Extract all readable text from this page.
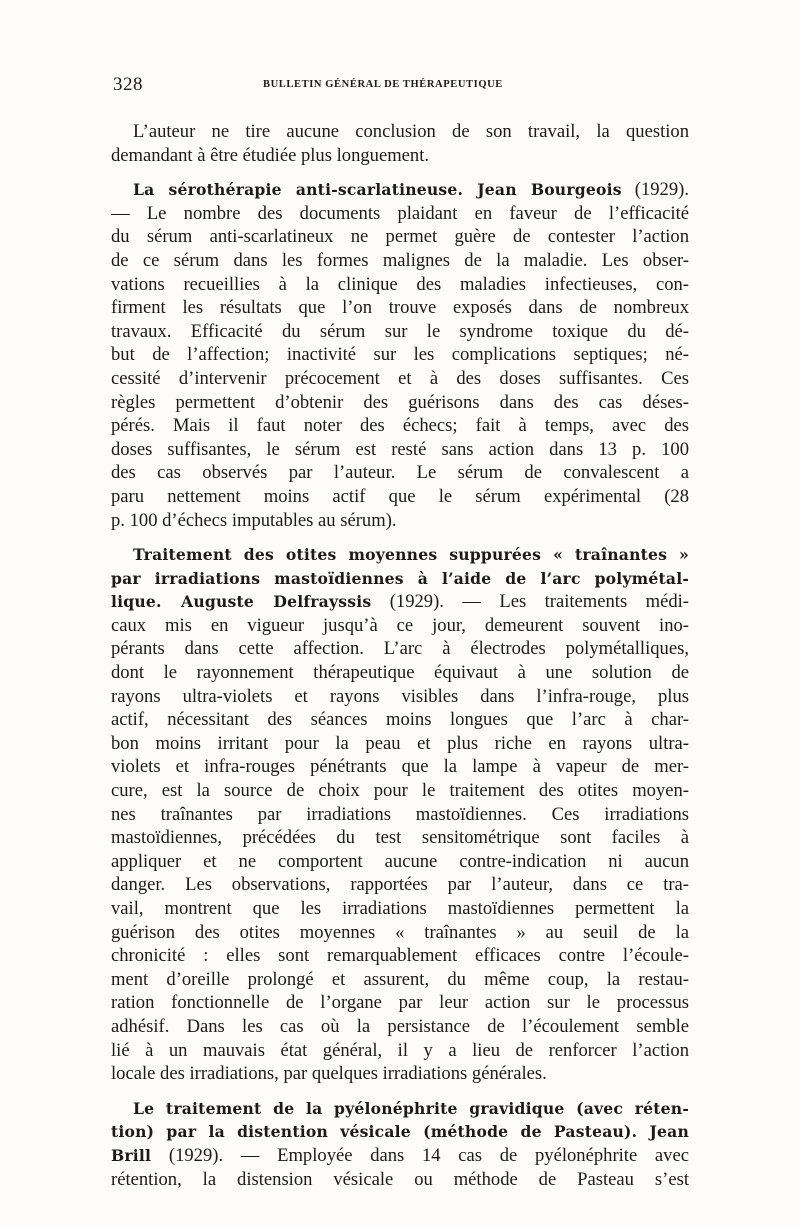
328	BULLETIN GÉNÉRAL DE THÉRAPEUTIQUE
L’auteur ne tire aucune conclusion de son travail, la question
demandant à être étudiée plus longuement.
La sérothérapie anti-scarlatineuse. Jean Bourgeois (1929).
— Le nombre des documents plaidant en faveur de l’efficacité
du sérum anti-scarlatineux ne permet guère de contester l’action
de ce sérum dans les formes malignes de la maladie. Les obser-
vations recueillies à la clinique des maladies infectieuses, con-
firment les résultats que l’on trouve exposés dans de nombreux
travaux. Efficacité du sérum sur le syndrome toxique du dé-
but de l’affection; inactivité sur les complications septiques; né-
cessité d’intervenir précocement et à des doses suffisantes. Ces
règles permettent d’obtenir des guérisons dans des cas déses-
pérés. Mais il faut noter des échecs; fait à temps, avec des
doses suffisantes, le sérum est resté sans action dans 13 p. 100
des cas observés par l’auteur. Le sérum de convalescent a
paru nettement moins actif que le sérum expérimental (28
p. 100 d’échecs imputables au sérum).
Traitement des otites moyennes suppurées « traînantes »
par irradiations mastoïdiennes à l’aide de l’arc polymétal-
lique. Auguste Delfrayssis (1929). — Les traitements médi-
caux mis en vigueur jusqu’à ce jour, demeurent souvent ino-
pérants dans cette affection. L’arc à électrodes polymétalliques,
dont le rayonnement thérapeutique équivaut à une solution de
rayons ultra-violets et rayons visibles dans l’infra-rouge, plus
actif, nécessitant des séances moins longues que l’arc à char-
bon moins irritant pour la peau et plus riche en rayons ultra-
violets et infra-rouges pénétrants que la lampe à vapeur de mer-
cure, est la source de choix pour le traitement des otites moyen-
nes traînantes par irradiations mastoïdiennes. Ces irradiations
mastoïdiennes, précédées du test sensitométrique sont faciles à
appliquer et ne comportent aucune contre-indication ni aucun
danger. Les observations, rapportées par l’auteur, dans ce tra-
vail, montrent que les irradiations mastoïdiennes permettent la
guérison des otites moyennes « traînantes » au seuil de la
chronicité : elles sont remarquablement efficaces contre l’écoule-
ment d’oreille prolongé et assurent, du même coup, la restau-
ration fonctionnelle de l’organe par leur action sur le processus
adhésif. Dans les cas où la persistance de l’écoulement semble
lié à un mauvais état général, il y a lieu de renforcer l’action
locale des irradiations, par quelques irradiations générales.
Le traitement de la pyélonéphrite gravidique (avec réten-
tion) par la distention vésicale (méthode de Pasteau). Jean
Brill (1929). — Employée dans 14 cas de pyélonéphrite avec
rétention, la distension vésicale ou méthode de Pasteau s’est
